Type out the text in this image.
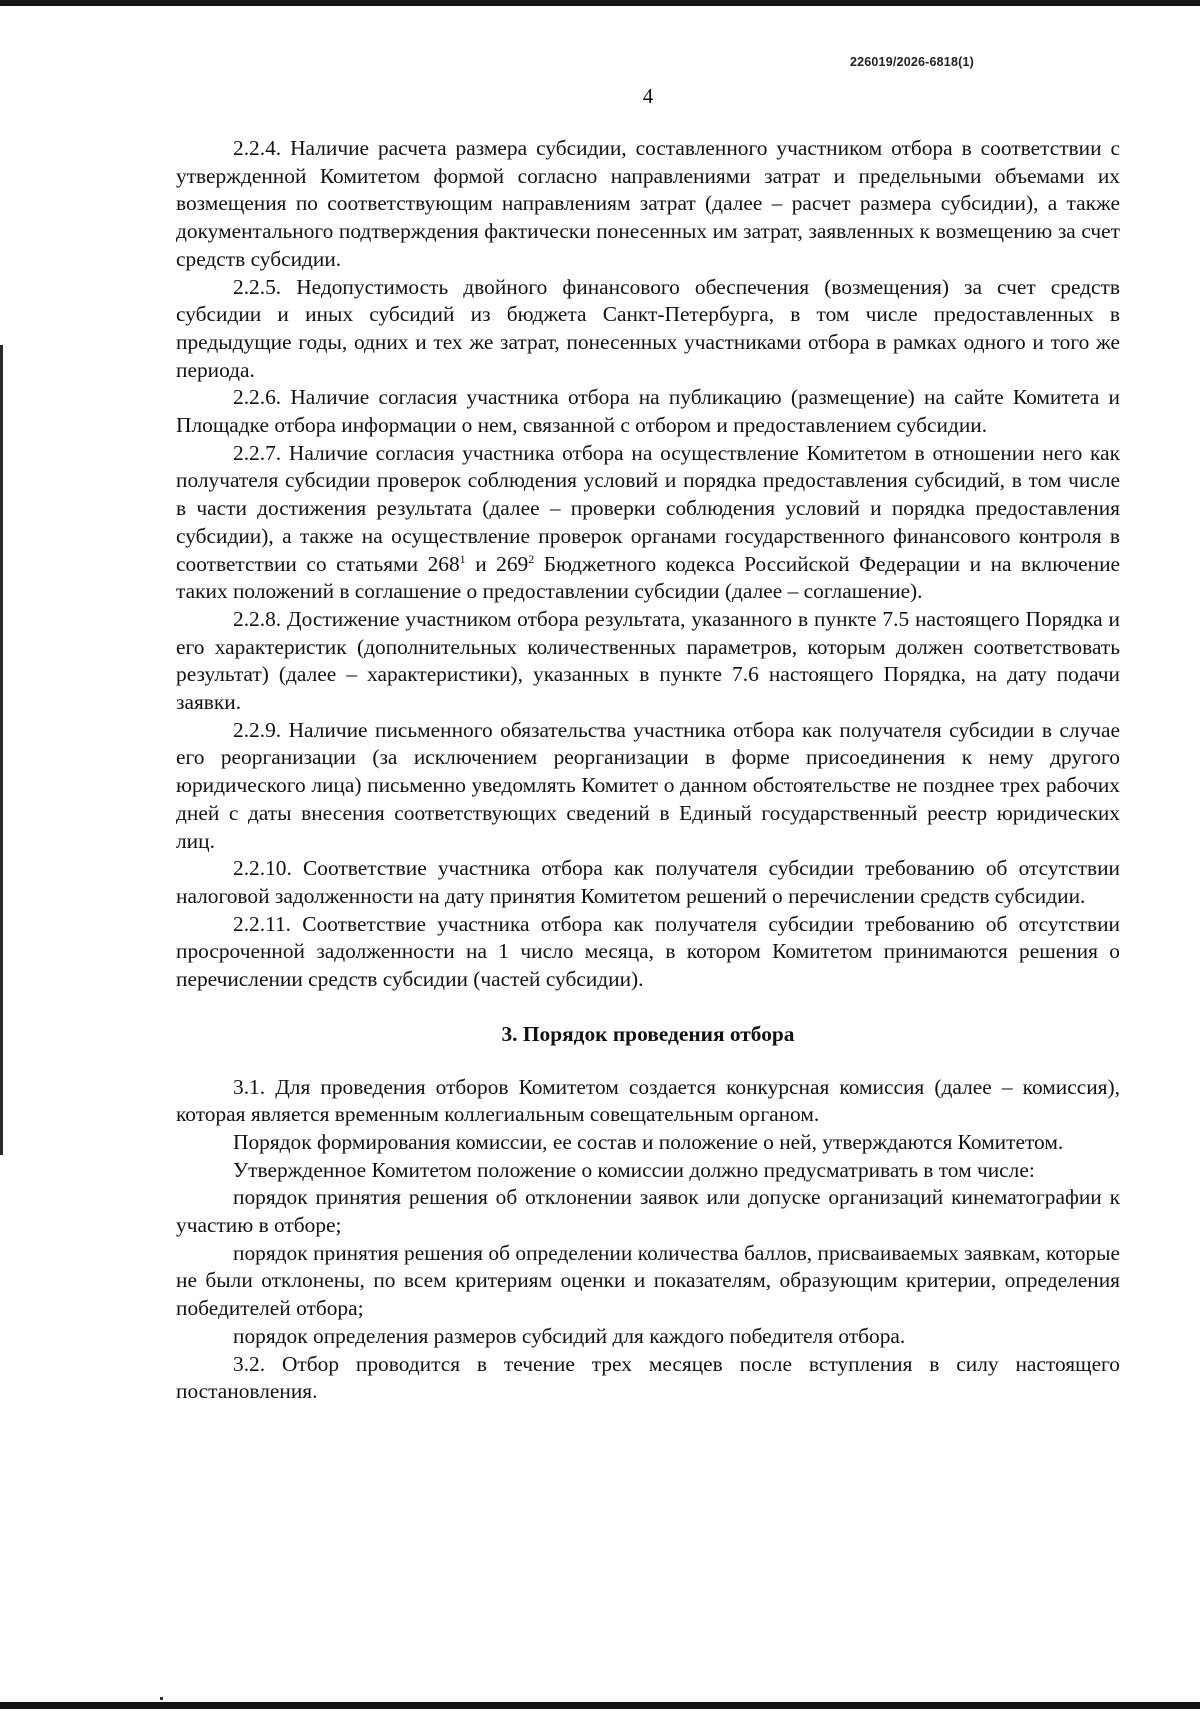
226019/2026-6818(1)
4

2.2.4. Наличие расчета размера субсидии, составленного участником отбора в соответствии с утвержденной Комитетом формой согласно направлениями затрат и предельными объемами их возмещения по соответствующим направлениям затрат (далее – расчет размера субсидии), а также документального подтверждения фактически понесенных им затрат, заявленных к возмещению за счет средств субсидии.

2.2.5. Недопустимость двойного финансового обеспечения (возмещения) за счет средств субсидии и иных субсидий из бюджета Санкт-Петербурга, в том числе предоставленных в предыдущие годы, одних и тех же затрат, понесенных участниками отбора в рамках одного и того же периода.

2.2.6. Наличие согласия участника отбора на публикацию (размещение) на сайте Комитета и Площадке отбора информации о нем, связанной с отбором и предоставлением субсидии.

2.2.7. Наличие согласия участника отбора на осуществление Комитетом в отношении него как получателя субсидии проверок соблюдения условий и порядка предоставления субсидий, в том числе в части достижения результата (далее – проверки соблюдения условий и порядка предоставления субсидии), а также на осуществление проверок органами государственного финансового контроля в соответствии со статьями $268^1$ и $269^2$ Бюджетного кодекса Российской Федерации и на включение таких положений в соглашение о предоставлении субсидии (далее – соглашение).

2.2.8. Достижение участником отбора результата, указанного в пункте 7.5 настоящего Порядка и его характеристик (дополнительных количественных параметров, которым должен соответствовать результат) (далее – характеристики), указанных в пункте 7.6 настоящего Порядка, на дату подачи заявки.

2.2.9. Наличие письменного обязательства участника отбора как получателя субсидии в случае его реорганизации (за исключением реорганизации в форме присоединения к нему другого юридического лица) письменно уведомлять Комитет о данном обстоятельстве не позднее трех рабочих дней с даты внесения соответствующих сведений в Единый государственный реестр юридических лиц.

2.2.10. Соответствие участника отбора как получателя субсидии требованию об отсутствии налоговой задолженности на дату принятия Комитетом решений о перечислении средств субсидии.

2.2.11. Соответствие участника отбора как получателя субсидии требованию об отсутствии просроченной задолженности на 1 число месяца, в котором Комитетом принимаются решения о перечислении средств субсидии (частей субсидии).

3. Порядок проведения отбора

3.1. Для проведения отборов Комитетом создается конкурсная комиссия (далее – комиссия), которая является временным коллегиальным совещательным органом.

Порядок формирования комиссии, ее состав и положение о ней, утверждаются Комитетом.

Утвержденное Комитетом положение о комиссии должно предусматривать в том числе:

порядок принятия решения об отклонении заявок или допуске организаций кинематографии к участию в отборе;

порядок принятия решения об определении количества баллов, присваиваемых заявкам, которые не были отклонены, по всем критериям оценки и показателям, образующим критерии, определения победителей отбора;

порядок определения размеров субсидий для каждого победителя отбора.

3.2. Отбор проводится в течение трех месяцев после вступления в силу настоящего постановления.
